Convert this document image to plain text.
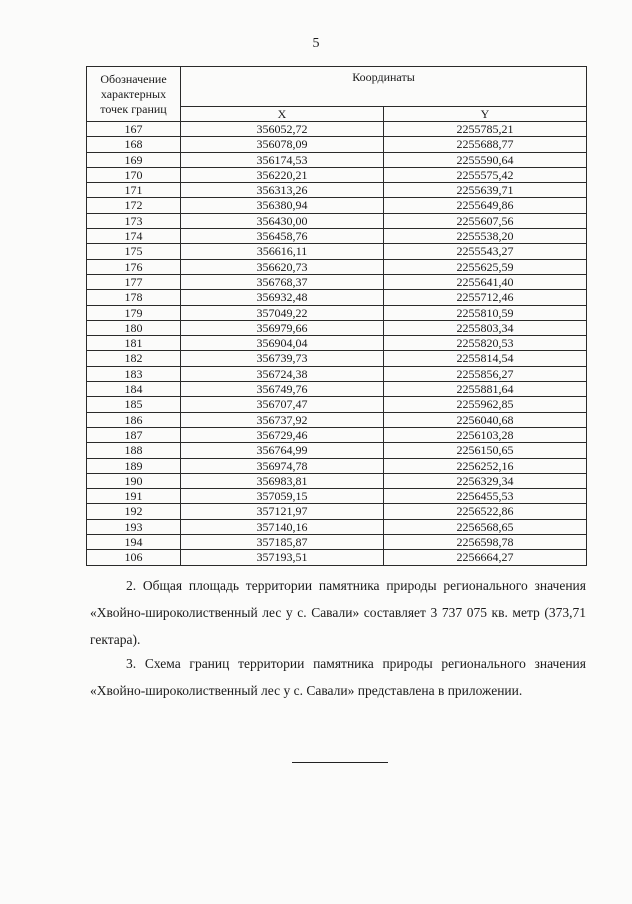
5
Обозначение характерных точек границ	Координаты	
	X	Y
167	356052,72	2255785,21
168	356078,09	2255688,77
169	356174,53	2255590,64
170	356220,21	2255575,42
171	356313,26	2255639,71
172	356380,94	2255649,86
173	356430,00	2255607,56
174	356458,76	2255538,20
175	356616,11	2255543,27
176	356620,73	2255625,59
177	356768,37	2255641,40
178	356932,48	2255712,46
179	357049,22	2255810,59
180	356979,66	2255803,34
181	356904,04	2255820,53
182	356739,73	2255814,54
183	356724,38	2255856,27
184	356749,76	2255881,64
185	356707,47	2255962,85
186	356737,92	2256040,68
187	356729,46	2256103,28
188	356764,99	2256150,65
189	356974,78	2256252,16
190	356983,81	2256329,34
191	357059,15	2256455,53
192	357121,97	2256522,86
193	357140,16	2256568,65
194	357185,87	2256598,78
106	357193,51	2256664,27

2. Общая площадь территории памятника природы регионального значения «Хвойно-широколиственный лес у с. Савали» составляет 3 737 075 кв. метр (373,71 гектара).

3. Схема границ территории памятника природы регионального значения «Хвойно-широколиственный лес у с. Савали» представлена в приложении.
